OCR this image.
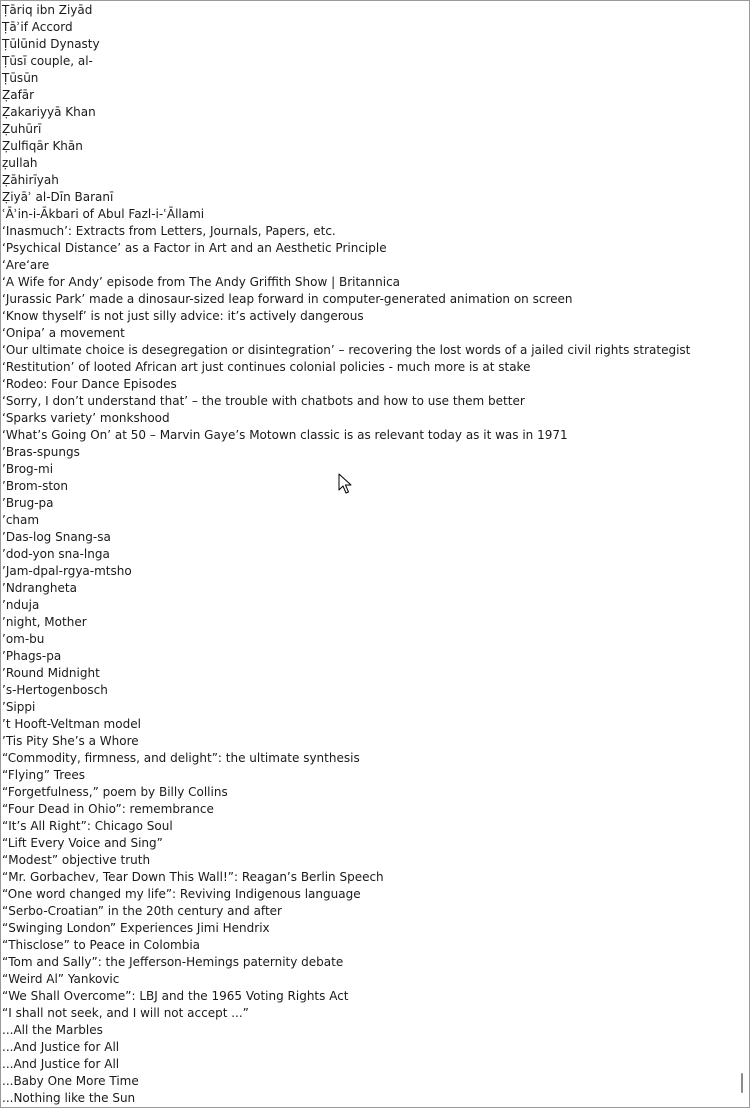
Ṭāriq ibn Ziyād
Ṭāʾif Accord
Ṭūlūnid Dynasty
Ṭūsī couple, al-
Ṭūsūn
Ẓafār
Ẓakariyyā Khan
Ẓuhūrī
Ẓulfiqār Khān
ẓullah
Ẓāhirīyah
Ẓiyāʾ al-Dīn Baranī
ʿĀʾin-i-Ākbari of Abul Fazl-i-ʿĀllami
‘Inasmuch’: Extracts from Letters, Journals, Papers, etc.
‘Psychical Distance’ as a Factor in Art and an Aesthetic Principle
‘Are‘are
‘A Wife for Andy’ episode from The Andy Griffith Show | Britannica
‘Jurassic Park’ made a dinosaur-sized leap forward in computer-generated animation on screen
‘Know thyself’ is not just silly advice: it’s actively dangerous
‘Onipa’ a movement
‘Our ultimate choice is desegregation or disintegration’ – recovering the lost words of a jailed civil rights strategist
‘Restitution’ of looted African art just continues colonial policies - much more is at stake
‘Rodeo: Four Dance Episodes
‘Sorry, I don’t understand that’ – the trouble with chatbots and how to use them better
‘Sparks variety’ monkshood
‘What’s Going On’ at 50 – Marvin Gaye’s Motown classic is as relevant today as it was in 1971
’Bras-spungs
’Brog-mi
’Brom-ston
’Brug-pa
’cham
’Das-log Snang-sa
’dod-yon sna-lnga
’Jam-dpal-rgya-mtsho
’Ndrangheta
’nduja
’night, Mother
’om-bu
’Phags-pa
’Round Midnight
’s-Hertogenbosch
’Sippi
’t Hooft-Veltman model
’Tis Pity She’s a Whore
“Commodity, firmness, and delight”: the ultimate synthesis
“Flying” Trees
“Forgetfulness,” poem by Billy Collins
“Four Dead in Ohio”: remembrance
“It’s All Right”: Chicago Soul
“Lift Every Voice and Sing”
“Modest” objective truth
“Mr. Gorbachev, Tear Down This Wall!”: Reagan’s Berlin Speech
“One word changed my life”: Reviving Indigenous language
“Serbo-Croatian” in the 20th century and after
“Swinging London” Experiences Jimi Hendrix
“Thisclose” to Peace in Colombia
“Tom and Sally”: the Jefferson-Hemings paternity debate
“Weird Al” Yankovic
“We Shall Overcome”: LBJ and the 1965 Voting Rights Act
“I shall not seek, and I will not accept ...”
...All the Marbles
...And Justice for All
...And Justice for All
...Baby One More Time
...Nothing like the Sun
